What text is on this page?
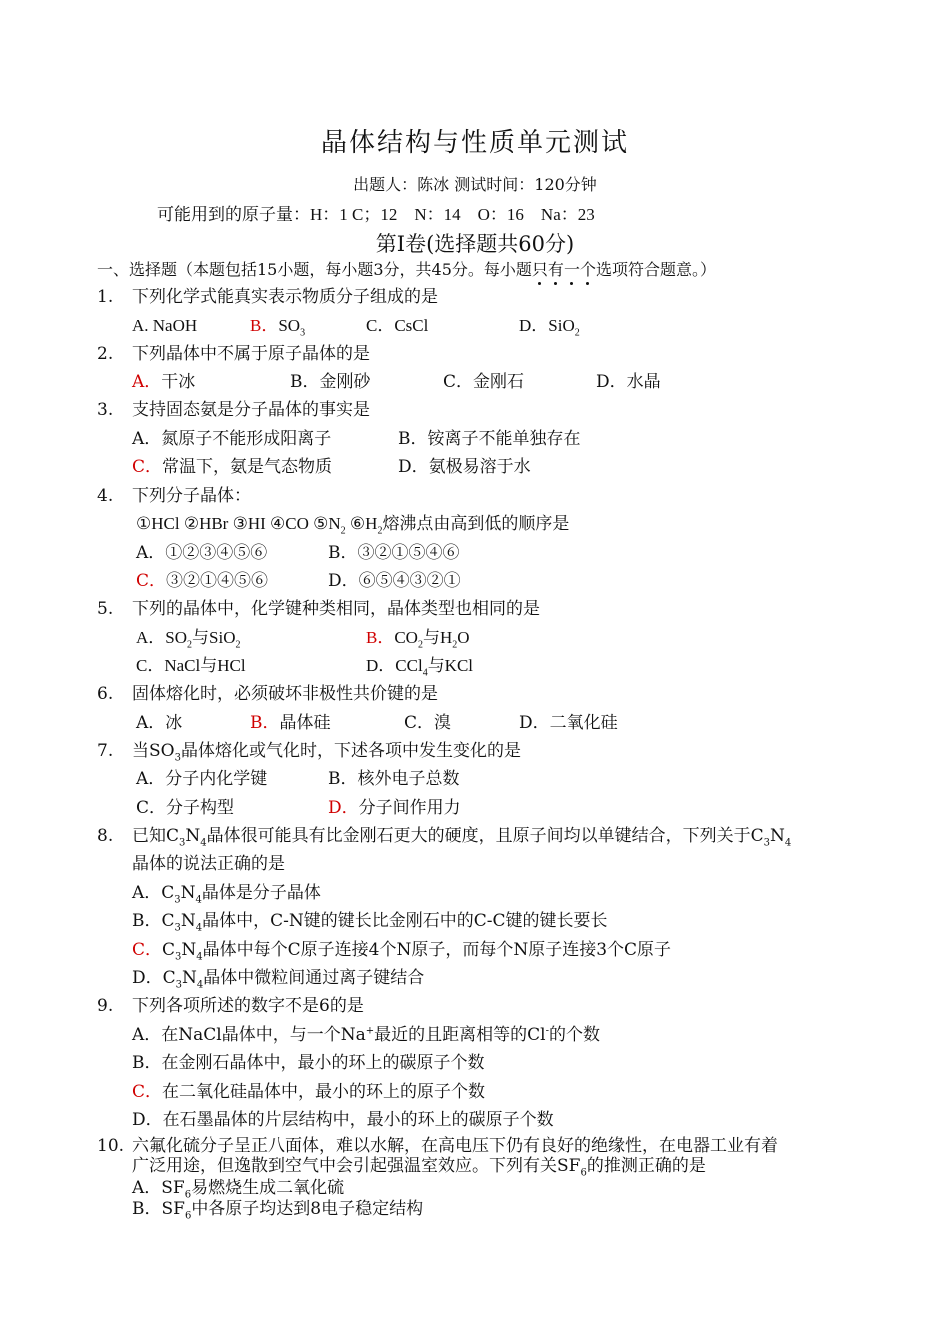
晶体结构与性质单元测试
出题人：陈冰 测试时间：120分钟
可能用到的原子量：H：1 C；12    N：14    O：16    Na：23
第Ⅰ卷(选择题共60分)
一、选择题（本题包括15小题，每小题3分，共45分。每小题只有一个选项符合题意。）
1.	下列化学式能真实表示物质分子组成的是
A. NaOH	B．$SO_3$	C．CsCl	D．SiO$_2$
2.	下列晶体中不属于原子晶体的是
A．干冰	B．金刚砂	C．金刚石	D．水晶
3.	支持固态氨是分子晶体的事实是
A．氮原子不能形成阳离子	B．铵离子不能单独存在
C．常温下，氨是气态物质	D．氨极易溶于水
4.	下列分子晶体：
①HCl ②HBr ③HI ④CO $⑤N_2$ $⑥H_2$熔沸点由高到低的顺序是
A．①②③④⑤⑥	B．③②①⑤④⑥
C．③②①④⑤⑥	D．⑥⑤④③②①
5.	下列的晶体中，化学键种类相同，晶体类型也相同的是
A．$SO_2$与SiO$_2$	B．$CO_2$与$H_2O$
C．NaCl与HCl	D．CCl$_4$与KCl
6.	固体熔化时，必须破坏非极性共价键的是
A．冰	B．晶体硅	C．溴	D．二氧化硅
7.	当$SO_3$晶体熔化或气化时，下述各项中发生变化的是
A．分子内化学键	B．核外电子总数
C．分子构型	D．分子间作用力
8.	已知$C_3N_4$晶体很可能具有比金刚石更大的硬度，且原子间均以单键结合，下列关于$C_3N_4$
晶体的说法正确的是
A．$C_3N_4$晶体是分子晶体
B．$C_3N_4$晶体中，C-N键的键长比金刚石中的C-C键的键长要长
C．$C_3N_4$晶体中每个C原子连接4个N原子，而每个N原子连接3个C原子
D．$C_3N_4$晶体中微粒间通过离子键结合
9.	下列各项所述的数字不是6的是
A．在NaCl晶体中，与一个Na+最近的且距离相等的Cl-的个数
B．在金刚石晶体中，最小的环上的碳原子个数
C．在二氧化硅晶体中，最小的环上的原子个数
D．在石墨晶体的片层结构中，最小的环上的碳原子个数
10. 六氟化硫分子呈正八面体，难以水解，在高电压下仍有良好的绝缘性，在电器工业有着
广泛用途，但逸散到空气中会引起强温室效应。下列有关$SF_6$的推测正确的是
A．$SF_6$易燃烧生成二氧化硫
B．$SF_6$中各原子均达到8电子稳定结构
